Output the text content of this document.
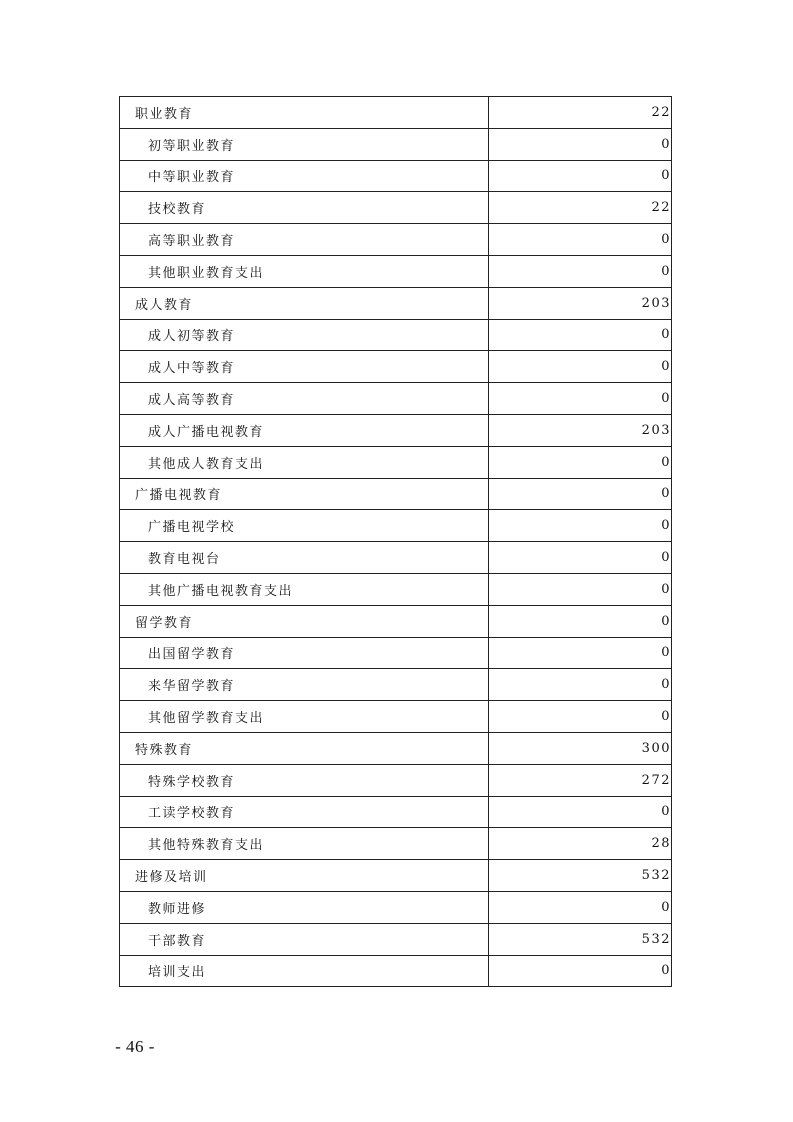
职业教育	22
初等职业教育	0
中等职业教育	0
技校教育	22
高等职业教育	0
其他职业教育支出	0
成人教育	203
成人初等教育	0
成人中等教育	0
成人高等教育	0
成人广播电视教育	203
其他成人教育支出	0
广播电视教育	0
广播电视学校	0
教育电视台	0
其他广播电视教育支出	0
留学教育	0
出国留学教育	0
来华留学教育	0
其他留学教育支出	0
特殊教育	300
特殊学校教育	272
工读学校教育	0
其他特殊教育支出	28
进修及培训	532
教师进修	0
干部教育	532
培训支出	0
- 46 -
